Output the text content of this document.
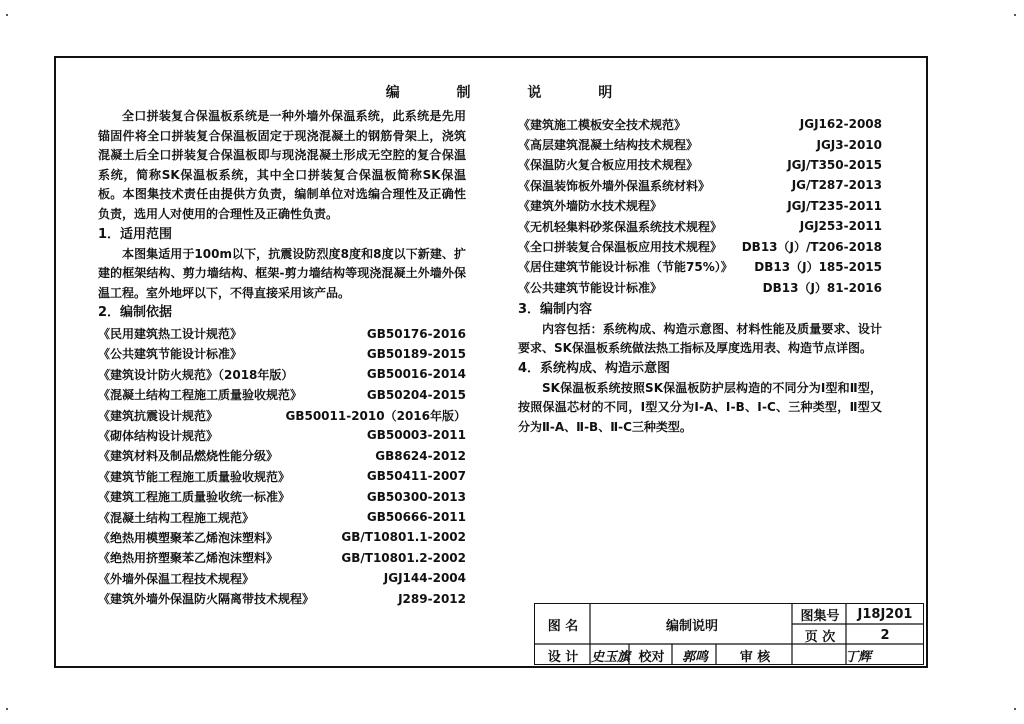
编 制 说 明
全口拼装复合保温板系统是一种外墙外保温系统，此系统是先用锚固件将全口拼装复合保温板固定于现浇混凝土的钢筋骨架上，浇筑混凝土后全口拼装复合保温板即与现浇混凝土形成无空腔的复合保温系统，简称SK保温板系统，其中全口拼装复合保温板简称SK保温板。本图集技术责任由提供方负责，编制单位对选编合理性及正确性负责，选用人对使用的合理性及正确性负责。
1．适用范围
本图集适用于100m以下，抗震设防烈度8度和8度以下新建、扩建的框架结构、剪力墙结构、框架-剪力墙结构等现浇混凝土外墙外保温工程。室外地坪以下，不得直接采用该产品。
2．编制依据
《民用建筑热工设计规范》	GB50176-2016
《公共建筑节能设计标准》	GB50189-2015
《建筑设计防火规范》（2018年版）	GB50016-2014
《混凝土结构工程施工质量验收规范》	GB50204-2015
《建筑抗震设计规范》	GB50011-2010（2016年版）
《砌体结构设计规范》	GB50003-2011
《建筑材料及制品燃烧性能分级》	GB8624-2012
《建筑节能工程施工质量验收规范》	GB50411-2007
《建筑工程施工质量验收统一标准》	GB50300-2013
《混凝土结构工程施工规范》	GB50666-2011
《绝热用模塑聚苯乙烯泡沫塑料》	GB/T10801.1-2002
《绝热用挤塑聚苯乙烯泡沫塑料》	GB/T10801.2-2002
《外墙外保温工程技术规程》	JGJ144-2004
《建筑外墙外保温防火隔离带技术规程》	J289-2012
《建筑施工模板安全技术规范》	JGJ162-2008
《高层建筑混凝土结构技术规程》	JGJ3-2010
《保温防火复合板应用技术规程》	JGJ/T350-2015
《保温装饰板外墙外保温系统材料》	JG/T287-2013
《建筑外墙防水技术规程》	JGJ/T235-2011
《无机轻集料砂浆保温系统技术规程》	JGJ253-2011
《全口拼装复合保温板应用技术规程》 DB13（J）/T206-2018
《居住建筑节能设计标准（节能75%）》 DB13（J）185-2015
《公共建筑节能设计标准》	DB13（J）81-2016
3．编制内容
内容包括：系统构成、构造示意图、材料性能及质量要求、设计要求、SK保温板系统做法热工指标及厚度选用表、构造节点详图。
4．系统构成、构造示意图
SK保温板系统按照SK保温板防护层构造的不同分为Ⅰ型和Ⅱ型，按照保温芯材的不同，Ⅰ型又分为Ⅰ-A、Ⅰ-B、Ⅰ-C、三种类型，Ⅱ型又分为Ⅱ-A、Ⅱ-B、Ⅱ-C三种类型。
图 名	编制说明
图集号	J18J201
页 次	2
设 计 史玉旗 校对	郭鸣	审 核	丁辉
